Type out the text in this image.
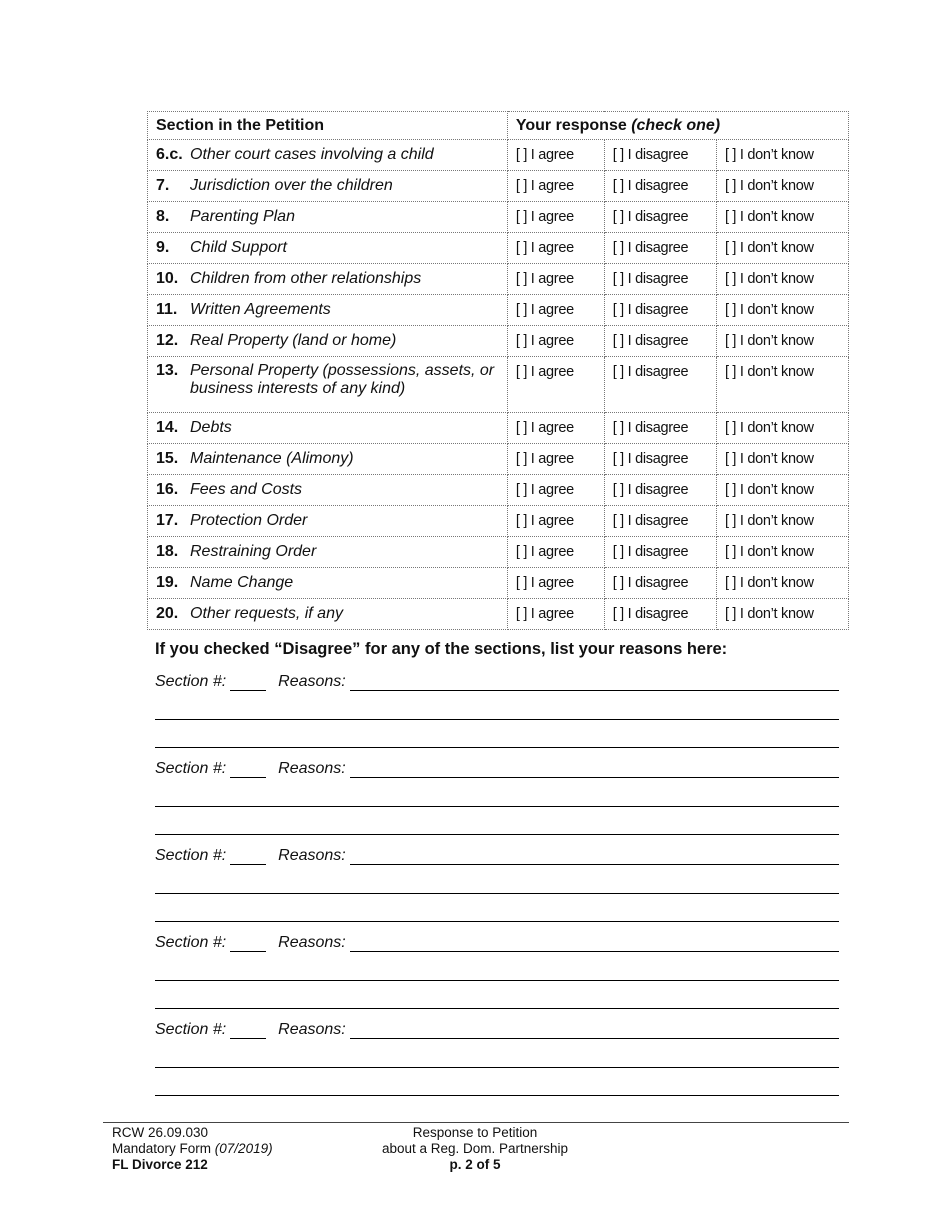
Section in the Petition	Your response (check one)		

6.c. Other court cases involving a child	[ ] I agree	[ ] I disagree	[ ] I don’t know

7. Jurisdiction over the children	[ ] I agree	[ ] I disagree	[ ] I don’t know

8. Parenting Plan	[ ] I agree	[ ] I disagree	[ ] I don’t know

9. Child Support	[ ] I agree	[ ] I disagree	[ ] I don’t know

10. Children from other relationships	[ ] I agree	[ ] I disagree	[ ] I don’t know

11. Written Agreements	[ ] I agree	[ ] I disagree	[ ] I don’t know

12. Real Property (land or home)	[ ] I agree	[ ] I disagree	[ ] I don’t know

13. Personal Property (possessions, assets, or business interests of any kind)	[ ] I agree	[ ] I disagree	[ ] I don’t know

14. Debts	[ ] I agree	[ ] I disagree	[ ] I don’t know

15. Maintenance (Alimony)	[ ] I agree	[ ] I disagree	[ ] I don’t know

16. Fees and Costs	[ ] I agree	[ ] I disagree	[ ] I don’t know

17. Protection Order	[ ] I agree	[ ] I disagree	[ ] I don’t know

18. Restraining Order	[ ] I agree	[ ] I disagree	[ ] I don’t know

19. Name Change	[ ] I agree	[ ] I disagree	[ ] I don’t know

20. Other requests, if any	[ ] I agree	[ ] I disagree	[ ] I don’t know
If you checked “Disagree” for any of the sections, list your reasons here:
Section #:	Reasons:
Section #:	Reasons:
Section #:	Reasons:
Section #:	Reasons:
Section #:	Reasons:
RCW 26.09.030
Mandatory Form (07/2019)
FL Divorce 212
Response to Petition
about a Reg. Dom. Partnership
p. 2 of 5
